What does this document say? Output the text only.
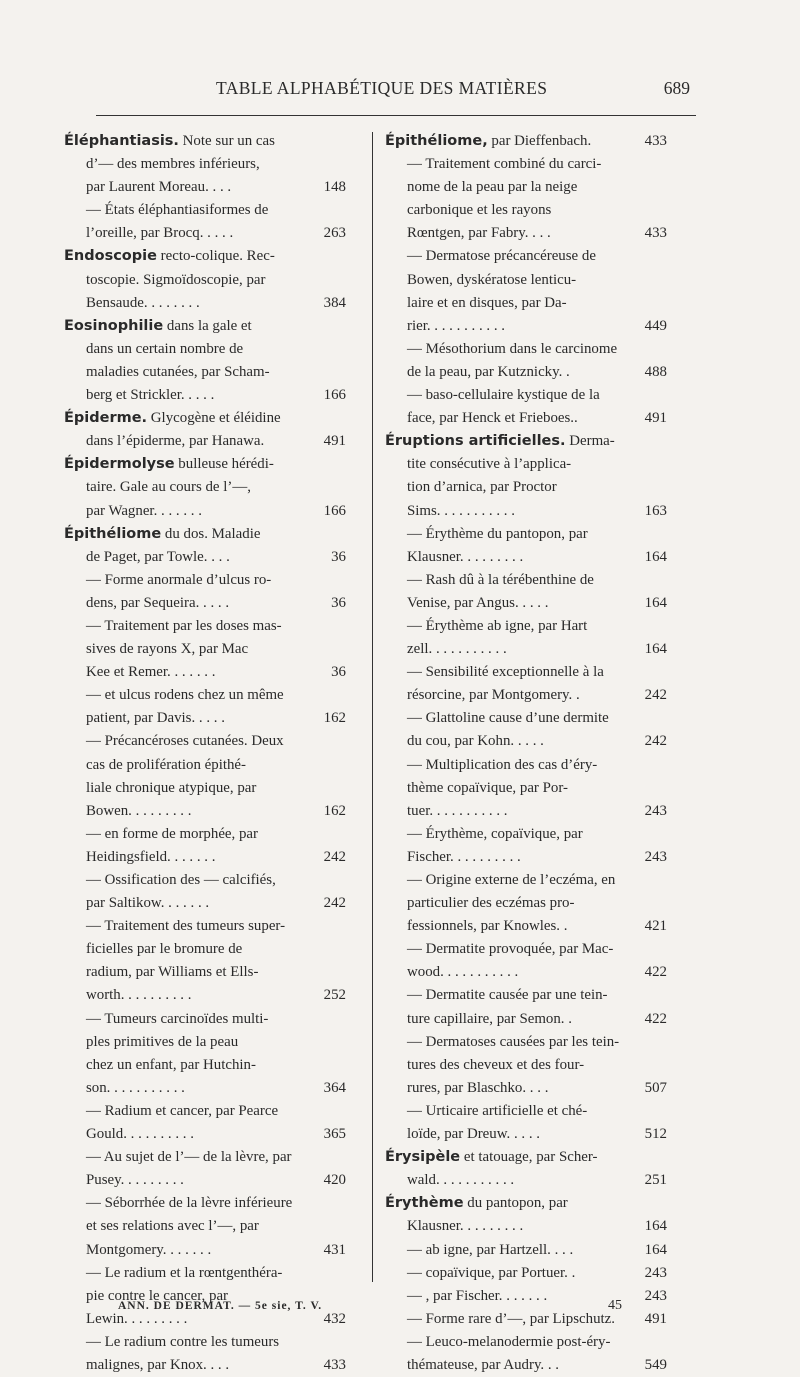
TABLE ALPHABÉTIQUE DES MATIÈRES	689
Éléphantiasis. Note sur un cas
d’— des membres inférieurs,
par Laurent Moreau. . . .	148
— États éléphantiasiformes de
l’oreille, par Brocq. . . . .	263
Endoscopie recto-colique. Rec-
toscopie. Sigmoïdoscopie, par
Bensaude. . . . . . . .	384
Eosinophilie dans la gale et
dans un certain nombre de
maladies cutanées, par Scham-
berg et Strickler. . . . .	166
Épiderme. Glycogène et éléidine
dans l’épiderme, par Hanawa.	491
Épidermolyse bulleuse hérédi-
taire. Gale au cours de l’—,
par Wagner. . . . . . .	166
Épithéliome du dos. Maladie
de Paget, par Towle. . . .	36
— Forme anormale d’ulcus ro-
dens, par Sequeira. . . . .	36
— Traitement par les doses mas-
sives de rayons X, par Mac
Kee et Remer. . . . . . .	36
— et ulcus rodens chez un même
patient, par Davis. . . . .	162
— Précancéroses cutanées. Deux
cas de prolifération épithé-
liale chronique atypique, par
Bowen. . . . . . . . .	162
— en forme de morphée, par
Heidingsfield. . . . . . .	242
— Ossification des — calcifiés,
par Saltikow. . . . . . .	242
— Traitement des tumeurs super-
ficielles par le bromure de
radium, par Williams et Ells-
worth. . . . . . . . . .	252
— Tumeurs carcinoïdes multi-
ples primitives de la peau
chez un enfant, par Hutchin-
son. . . . . . . . . . .	364
— Radium et cancer, par Pearce
Gould. . . . . . . . . .	365
— Au sujet de l’— de la lèvre, par
Pusey. . . . . . . . .	420
— Séborrhée de la lèvre inférieure
et ses relations avec l’—, par
Montgomery. . . . . . .	431
— Le radium et la rœntgenthéra-
pie contre le cancer, par
Lewin. . . . . . . . .	432
— Le radium contre les tumeurs
malignes, par Knox. . . .	433
Épithéliome, par Dieffenbach.	433
— Traitement combiné du carci-
nome de la peau par la neige
carbonique et les rayons
Rœntgen, par Fabry. . . .	433
— Dermatose précancéreuse de
Bowen, dyskératose lenticu-
laire et en disques, par Da-
rier. . . . . . . . . . .	449
— Mésothorium dans le carcinome
de la peau, par Kutznicky. .	488
— baso-cellulaire kystique de la
face, par Henck et Frieboes..	491
Éruptions artificielles. Derma-
tite consécutive à l’applica-
tion d’arnica, par Proctor
Sims. . . . . . . . . . .	163
— Érythème du pantopon, par
Klausner. . . . . . . . .	164
— Rash dû à la térébenthine de
Venise, par Angus. . . . .	164
— Érythème ab igne, par Hart
zell. . . . . . . . . . .	164
— Sensibilité exceptionnelle à la
résorcine, par Montgomery. .	242
— Glattoline cause d’une dermite
du cou, par Kohn. . . . .	242
— Multiplication des cas d’éry-
thème copaïvique, par Por-
tuer. . . . . . . . . . .	243
— Érythème, copaïvique, par
Fischer. . . . . . . . . .	243
— Origine externe de l’eczéma, en
particulier des eczémas pro-
fessionnels, par Knowles. .	421
— Dermatite provoquée, par Mac-
wood. . . . . . . . . . .	422
— Dermatite causée par une tein-
ture capillaire, par Semon. .	422
— Dermatoses causées par les tein-
tures des cheveux et des four-
rures, par Blaschko. . . .	507
— Urticaire artificielle et ché-
loïde, par Dreuw. . . . .	512
Érysipèle et tatouage, par Scher-
wald. . . . . . . . . . .	251
Érythème du pantopon, par
Klausner. . . . . . . . .	164
— ab igne, par Hartzell. . . .	164
— copaïvique, par Portuer. .	243
— , par Fischer. . . . . . .	243
— Forme rare d’—, par Lipschutz. 491
— Leuco-melanodermie post-éry-
thémateuse, par Audry. . .	549
ANN. DE DERMAT. — 5e sie, T. V.	45
